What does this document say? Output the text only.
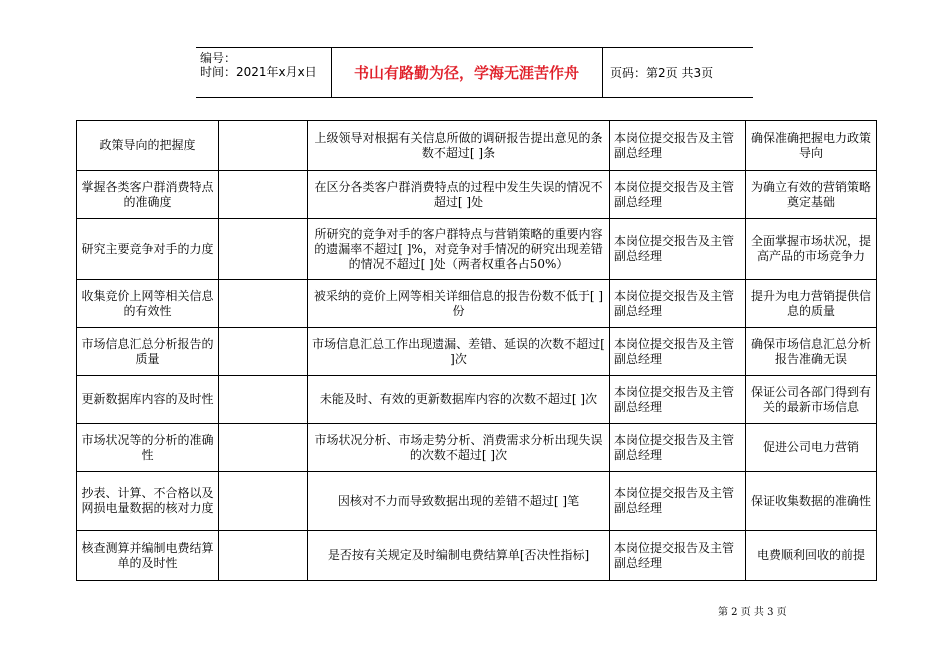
编号：
时间：2021年x月x日	书山有路勤为径，学海无涯苦作舟	页码：第2页 共3页
政策导向的把握度		上级领导对根据有关信息所做的调研报告提出意见的条数不超过[ ]条	本岗位提交报告及主管副总经理	确保准确把握电力政策导向
掌握各类客户群消费特点的准确度		在区分各类客户群消费特点的过程中发生失误的情况不超过[ ]处	本岗位提交报告及主管副总经理	为确立有效的营销策略奠定基础
研究主要竞争对手的力度		所研究的竞争对手的客户群特点与营销策略的重要内容的遗漏率不超过[ ]%，对竞争对手情况的研究出现差错的情况不超过[ ]处（两者权重各占50%）	本岗位提交报告及主管副总经理	全面掌握市场状况，提高产品的市场竞争力
收集竞价上网等相关信息的有效性		被采纳的竞价上网等相关详细信息的报告份数不低于[ ]份	本岗位提交报告及主管副总经理	提升为电力营销提供信息的质量
市场信息汇总分析报告的质量		市场信息汇总工作出现遗漏、差错、延误的次数不超过[ ]次	本岗位提交报告及主管副总经理	确保市场信息汇总分析报告准确无误
更新数据库内容的及时性		未能及时、有效的更新数据库内容的次数不超过[ ]次	本岗位提交报告及主管副总经理	保证公司各部门得到有关的最新市场信息
市场状况等的分析的准确性		市场状况分析、市场走势分析、消费需求分析出现失误的次数不超过[ ]次	本岗位提交报告及主管副总经理	促进公司电力营销
抄表、计算、不合格以及网损电量数据的核对力度		因核对不力而导致数据出现的差错不超过[ ]笔	本岗位提交报告及主管副总经理	保证收集数据的准确性
核查测算并编制电费结算单的及时性		是否按有关规定及时编制电费结算单[否决性指标]	本岗位提交报告及主管副总经理	电费顺利回收的前提
第 2 页 共 3 页
